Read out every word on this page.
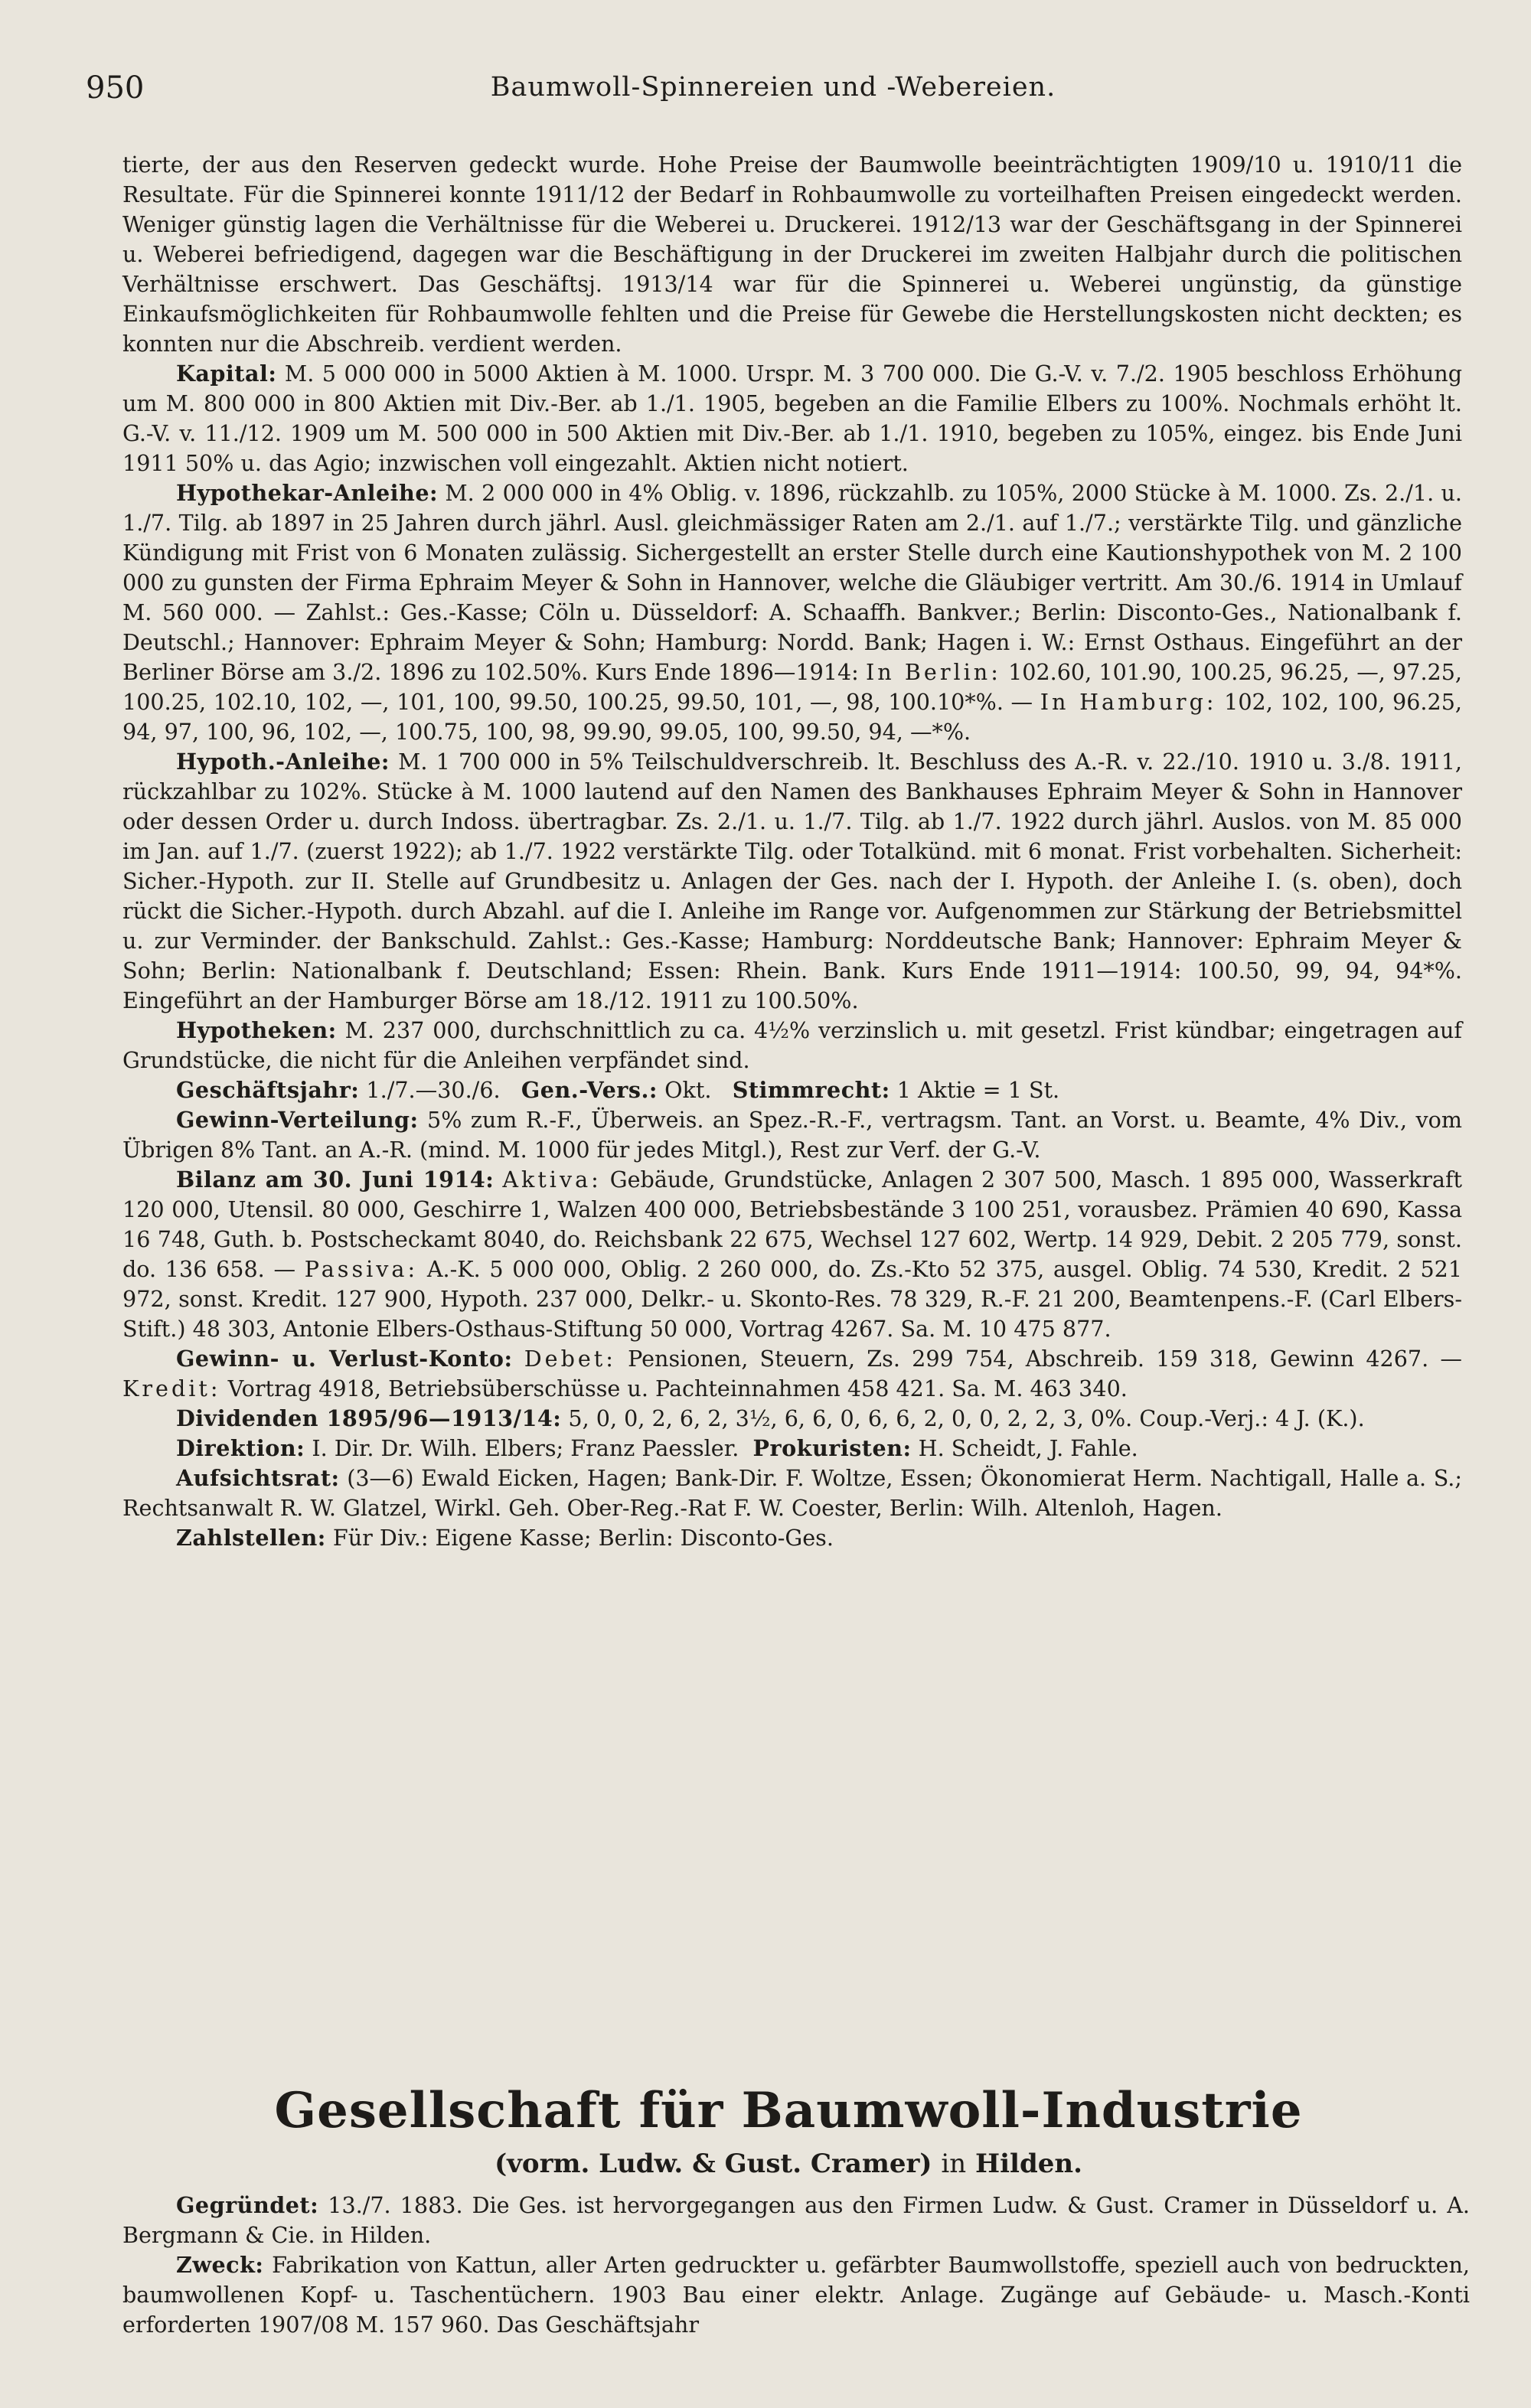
950	Baumwoll-Spinnereien und -Webereien.

tierte, der aus den Reserven gedeckt wurde. Hohe Preise der Baumwolle beeinträchtigten 1909/10 u. 1910/11 die Resultate. Für die Spinnerei konnte 1911/12 der Bedarf in Rohbaumwolle zu vorteilhaften Preisen eingedeckt werden. Weniger günstig lagen die Verhältnisse für die Weberei u. Druckerei. 1912/13 war der Geschäftsgang in der Spinnerei u. Weberei befriedigend, dagegen war die Beschäftigung in der Druckerei im zweiten Halbjahr durch die politischen Verhältnisse erschwert. Das Geschäftsj. 1913/14 war für die Spinnerei u. Weberei ungünstig, da günstige Einkaufsmöglichkeiten für Rohbaumwolle fehlten und die Preise für Gewebe die Herstellungskosten nicht deckten; es konnten nur die Abschreib. verdient werden.

Kapital: M. 5 000 000 in 5000 Aktien à M. 1000. Urspr. M. 3 700 000. Die G.-V. v. 7./2. 1905 beschloss Erhöhung um M. 800 000 in 800 Aktien mit Div.-Ber. ab 1./1. 1905, begeben an die Familie Elbers zu 100%. Nochmals erhöht lt. G.-V. v. 11./12. 1909 um M. 500 000 in 500 Aktien mit Div.-Ber. ab 1./1. 1910, begeben zu 105%, eingez. bis Ende Juni 1911 50% u. das Agio; inzwischen voll eingezahlt. Aktien nicht notiert.

Hypothekar-Anleihe: M. 2 000 000 in 4% Oblig. v. 1896, rückzahlb. zu 105%, 2000 Stücke à M. 1000. Zs. 2./1. u. 1./7. Tilg. ab 1897 in 25 Jahren durch jährl. Ausl. gleichmässiger Raten am 2./1. auf 1./7.; verstärkte Tilg. und gänzliche Kündigung mit Frist von 6 Monaten zulässig. Sichergestellt an erster Stelle durch eine Kautionshypothek von M. 2 100 000 zu gunsten der Firma Ephraim Meyer & Sohn in Hannover, welche die Gläubiger vertritt. Am 30./6. 1914 in Umlauf M. 560 000. — Zahlst.: Ges.-Kasse; Cöln u. Düsseldorf: A. Schaaffh. Bankver.; Berlin: Disconto-Ges., Nationalbank f. Deutschl.; Hannover: Ephraim Meyer & Sohn; Hamburg: Nordd. Bank; Hagen i. W.: Ernst Osthaus. Eingeführt an der Berliner Börse am 3./2. 1896 zu 102.50%. Kurs Ende 1896—1914: In Berlin: 102.60, 101.90, 100.25, 96.25, —, 97.25, 100.25, 102.10, 102, —, 101, 100, 99.50, 100.25, 99.50, 101, —, 98, 100.10*%. — In Hamburg: 102, 102, 100, 96.25, 94, 97, 100, 96, 102, —, 100.75, 100, 98, 99.90, 99.05, 100, 99.50, 94, —*%.

Hypoth.-Anleihe: M. 1 700 000 in 5% Teilschuldverschreib. lt. Beschluss des A.-R. v. 22./10. 1910 u. 3./8. 1911, rückzahlbar zu 102%. Stücke à M. 1000 lautend auf den Namen des Bankhauses Ephraim Meyer & Sohn in Hannover oder dessen Order u. durch Indoss. übertragbar. Zs. 2./1. u. 1./7. Tilg. ab 1./7. 1922 durch jährl. Auslos. von M. 85 000 im Jan. auf 1./7. (zuerst 1922); ab 1./7. 1922 verstärkte Tilg. oder Totalkünd. mit 6 monat. Frist vorbehalten. Sicherheit: Sicher.-Hypoth. zur II. Stelle auf Grundbesitz u. Anlagen der Ges. nach der I. Hypoth. der Anleihe I. (s. oben), doch rückt die Sicher.-Hypoth. durch Abzahl. auf die I. Anleihe im Range vor. Aufgenommen zur Stärkung der Betriebsmittel u. zur Verminder. der Bankschuld. Zahlst.: Ges.-Kasse; Hamburg: Norddeutsche Bank; Hannover: Ephraim Meyer & Sohn; Berlin: Nationalbank f. Deutschland; Essen: Rhein. Bank. Kurs Ende 1911—1914: 100.50, 99, 94, 94*%. Eingeführt an der Hamburger Börse am 18./12. 1911 zu 100.50%.

Hypotheken: M. 237 000, durchschnittlich zu ca. 4½% verzinslich u. mit gesetzl. Frist kündbar; eingetragen auf Grundstücke, die nicht für die Anleihen verpfändet sind.

Geschäftsjahr: 1./7.—30./6. Gen.-Vers.: Okt. Stimmrecht: 1 Aktie = 1 St.

Gewinn-Verteilung: 5% zum R.-F., Überweis. an Spez.-R.-F., vertragsm. Tant. an Vorst. u. Beamte, 4% Div., vom Übrigen 8% Tant. an A.-R. (mind. M. 1000 für jedes Mitgl.), Rest zur Verf. der G.-V.

Bilanz am 30. Juni 1914: Aktiva: Gebäude, Grundstücke, Anlagen 2 307 500, Masch. 1 895 000, Wasserkraft 120 000, Utensil. 80 000, Geschirre 1, Walzen 400 000, Betriebsbestände 3 100 251, vorausbez. Prämien 40 690, Kassa 16 748, Guth. b. Postscheckamt 8040, do. Reichsbank 22 675, Wechsel 127 602, Wertp. 14 929, Debit. 2 205 779, sonst. do. 136 658. — Passiva: A.-K. 5 000 000, Oblig. 2 260 000, do. Zs.-Kto 52 375, ausgel. Oblig. 74 530, Kredit. 2 521 972, sonst. Kredit. 127 900, Hypoth. 237 000, Delkr.- u. Skonto-Res. 78 329, R.-F. 21 200, Beamtenpens.-F. (Carl Elbers-Stift.) 48 303, Antonie Elbers-Osthaus-Stiftung 50 000, Vortrag 4267. Sa. M. 10 475 877.

Gewinn- u. Verlust-Konto: Debet: Pensionen, Steuern, Zs. 299 754, Abschreib. 159 318, Gewinn 4267. — Kredit: Vortrag 4918, Betriebsüberschüsse u. Pachteinnahmen 458 421. Sa. M. 463 340.

Dividenden 1895/96—1913/14: 5, 0, 0, 2, 6, 2, 3½, 6, 6, 0, 6, 6, 2, 0, 0, 2, 2, 3, 0%. Coup.-Verj.: 4 J. (K.).

Direktion: I. Dir. Dr. Wilh. Elbers; Franz Paessler. Prokuristen: H. Scheidt, J. Fahle.

Aufsichtsrat: (3—6) Ewald Eicken, Hagen; Bank-Dir. F. Woltze, Essen; Ökonomierat Herm. Nachtigall, Halle a. S.; Rechtsanwalt R. W. Glatzel, Wirkl. Geh. Ober-Reg.-Rat F. W. Coester, Berlin: Wilh. Altenloh, Hagen.

Zahlstellen: Für Div.: Eigene Kasse; Berlin: Disconto-Ges.

Gesellschaft für Baumwoll-Industrie

(vorm. Ludw. & Gust. Cramer) in Hilden.

Gegründet: 13./7. 1883. Die Ges. ist hervorgegangen aus den Firmen Ludw. & Gust. Cramer in Düsseldorf u. A. Bergmann & Cie. in Hilden.

Zweck: Fabrikation von Kattun, aller Arten gedruckter u. gefärbter Baumwollstoffe, speziell auch von bedruckten, baumwollenen Kopf- u. Taschentüchern. 1903 Bau einer elektr. Anlage. Zugänge auf Gebäude- u. Masch.-Konti erforderten 1907/08 M. 157 960. Das Geschäftsjahr
